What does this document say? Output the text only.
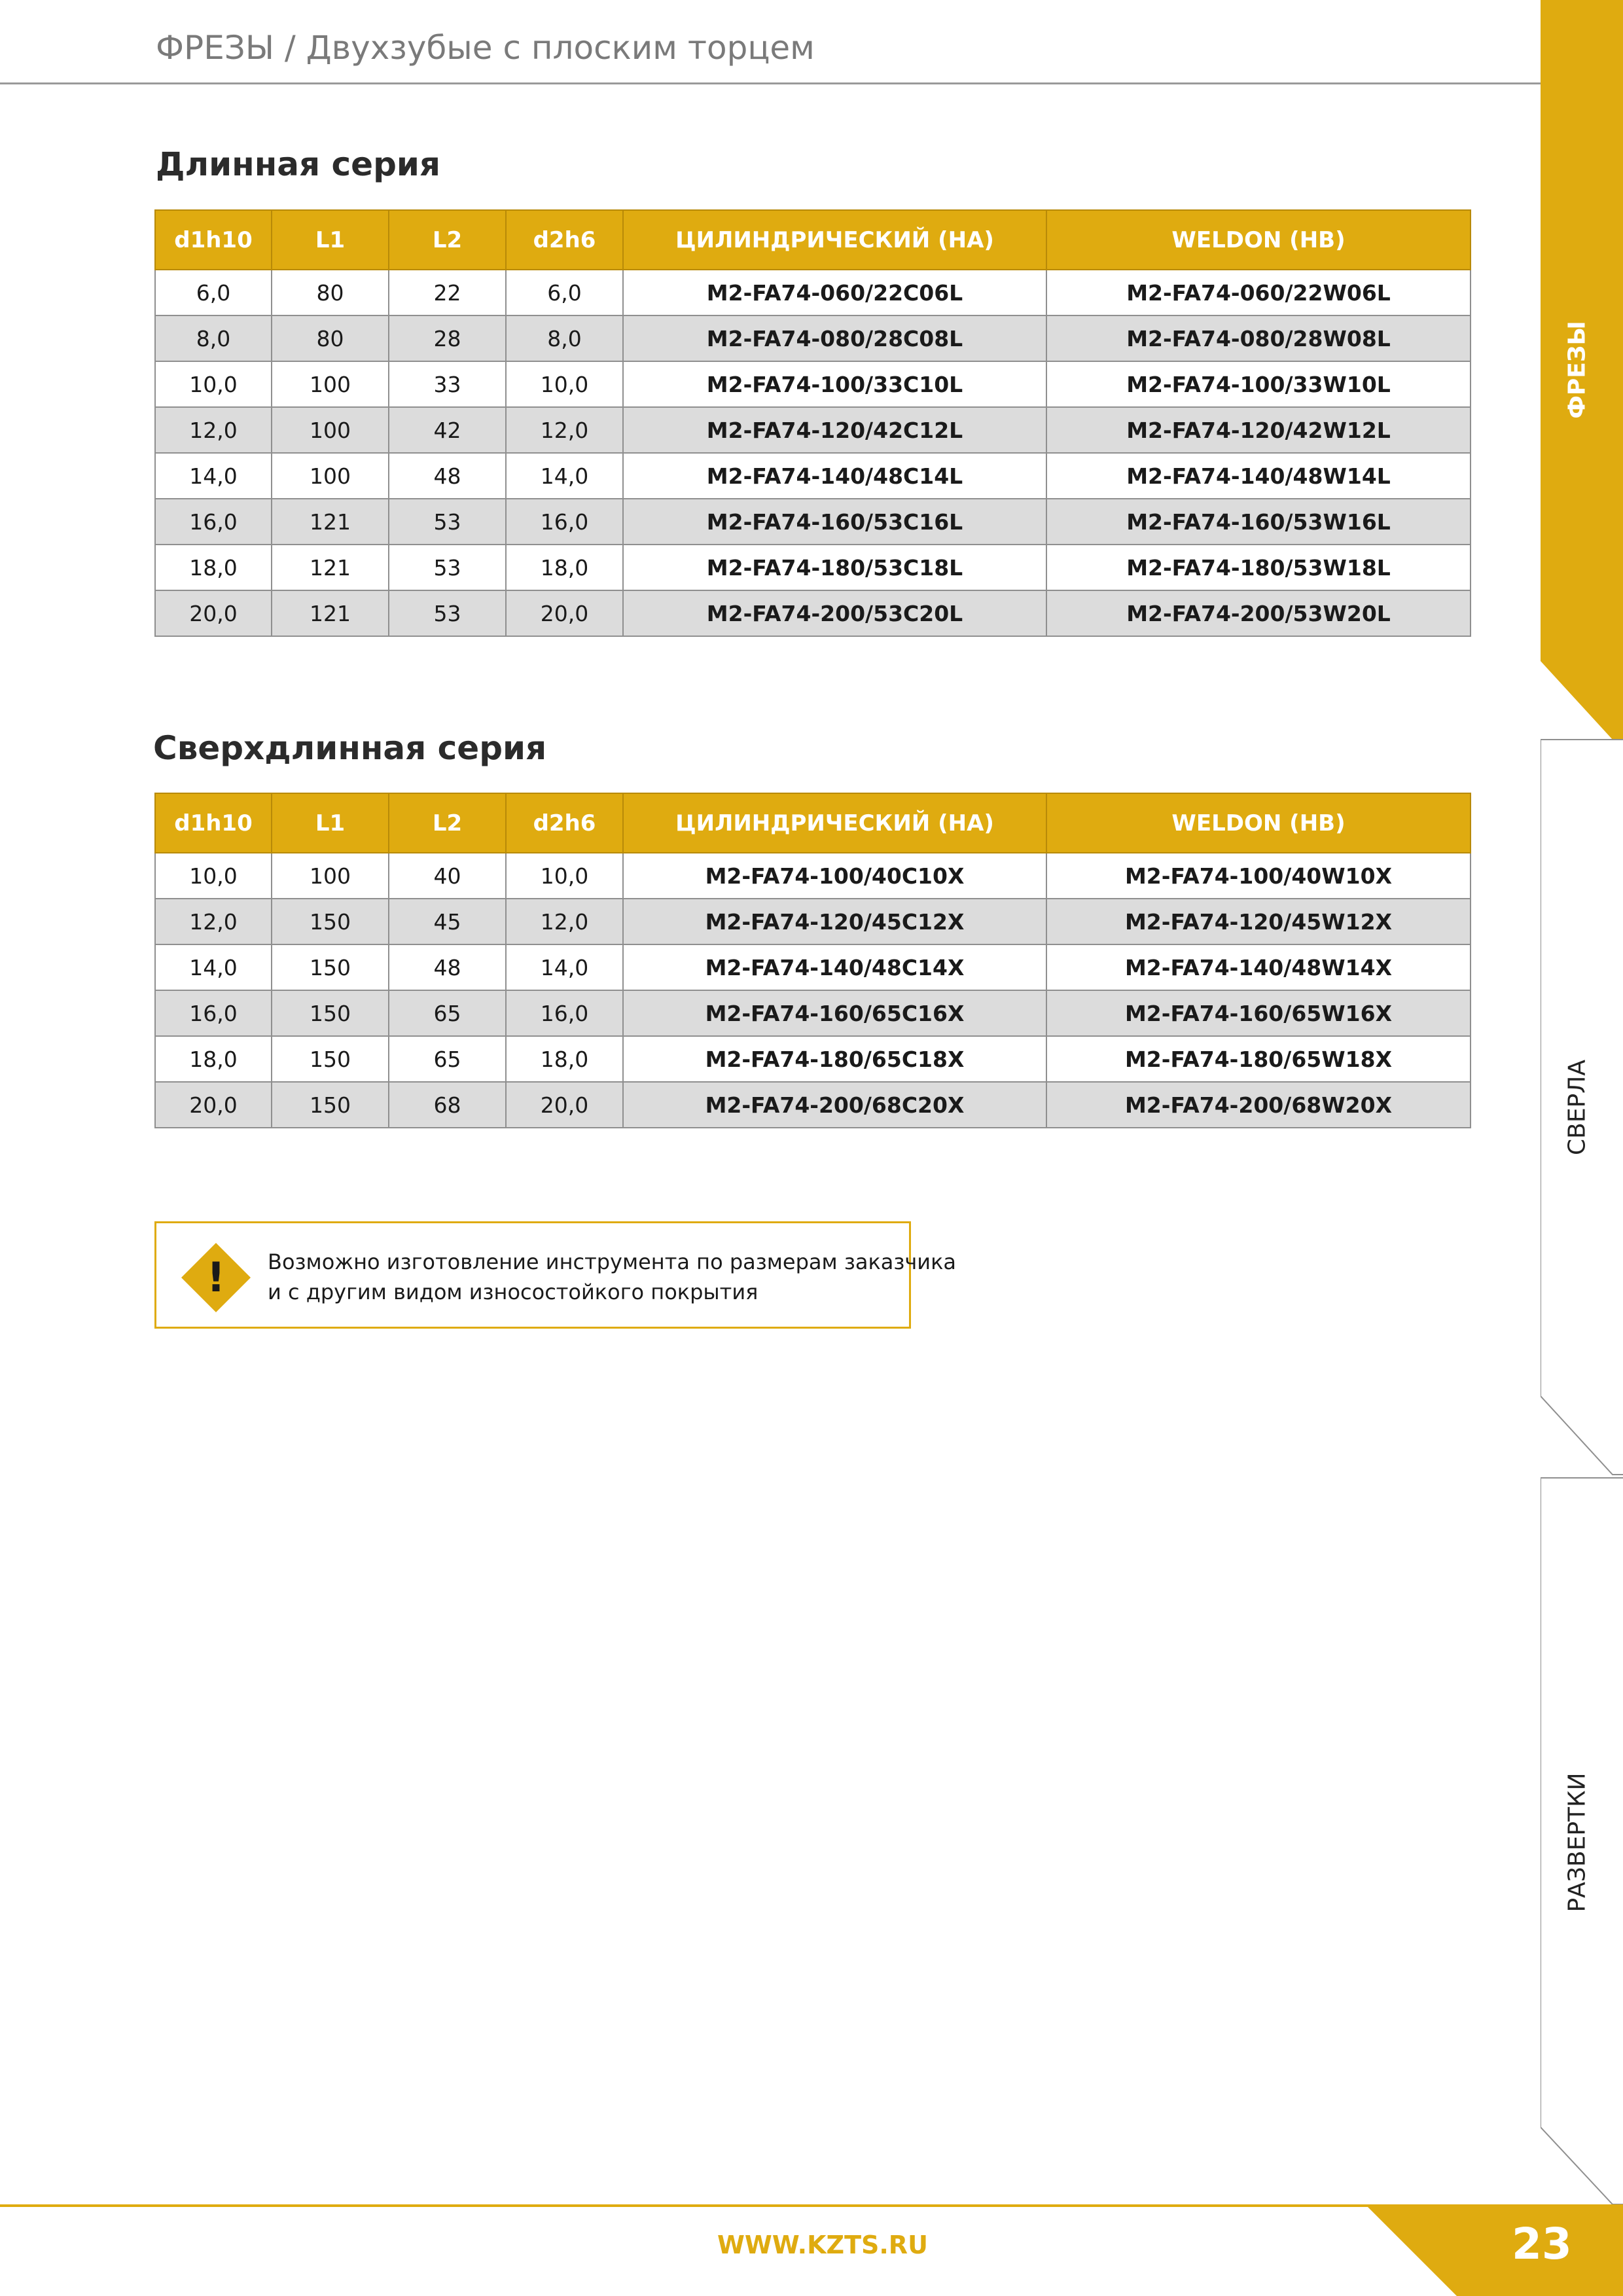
ФРЕЗЫ / Двухзубые с плоским торцем
Длинная серия
d1h10	L1	L2	d2h6	ЦИЛИНДРИЧЕСКИЙ (HA)	WELDON (HB)
6,0	80	22	6,0	M2-FA74-060/22C06L	M2-FA74-060/22W06L
8,0	80	28	8,0	M2-FA74-080/28C08L	M2-FA74-080/28W08L
10,0	100	33	10,0	M2-FA74-100/33C10L	M2-FA74-100/33W10L
12,0	100	42	12,0	M2-FA74-120/42C12L	M2-FA74-120/42W12L
14,0	100	48	14,0	M2-FA74-140/48C14L	M2-FA74-140/48W14L
16,0	121	53	16,0	M2-FA74-160/53C16L	M2-FA74-160/53W16L
18,0	121	53	18,0	M2-FA74-180/53C18L	M2-FA74-180/53W18L
20,0	121	53	20,0	M2-FA74-200/53C20L	M2-FA74-200/53W20L
Сверхдлинная серия
d1h10	L1	L2	d2h6	ЦИЛИНДРИЧЕСКИЙ (HA)	WELDON (HB)
10,0	100	40	10,0	M2-FA74-100/40C10X	M2-FA74-100/40W10X
12,0	150	45	12,0	M2-FA74-120/45C12X	M2-FA74-120/45W12X
14,0	150	48	14,0	M2-FA74-140/48C14X	M2-FA74-140/48W14X
16,0	150	65	16,0	M2-FA74-160/65C16X	M2-FA74-160/65W16X
18,0	150	65	18,0	M2-FA74-180/65C18X	M2-FA74-180/65W18X
20,0	150	68	20,0	M2-FA74-200/68C20X	M2-FA74-200/68W20X
! Возможно изготовление инструмента по размерам заказчика
и с другим видом износостойкого покрытия
ФРЕЗЫ
СВЕРЛА
РАЗВЕРТКИ
WWW.KZTS.RU	23
